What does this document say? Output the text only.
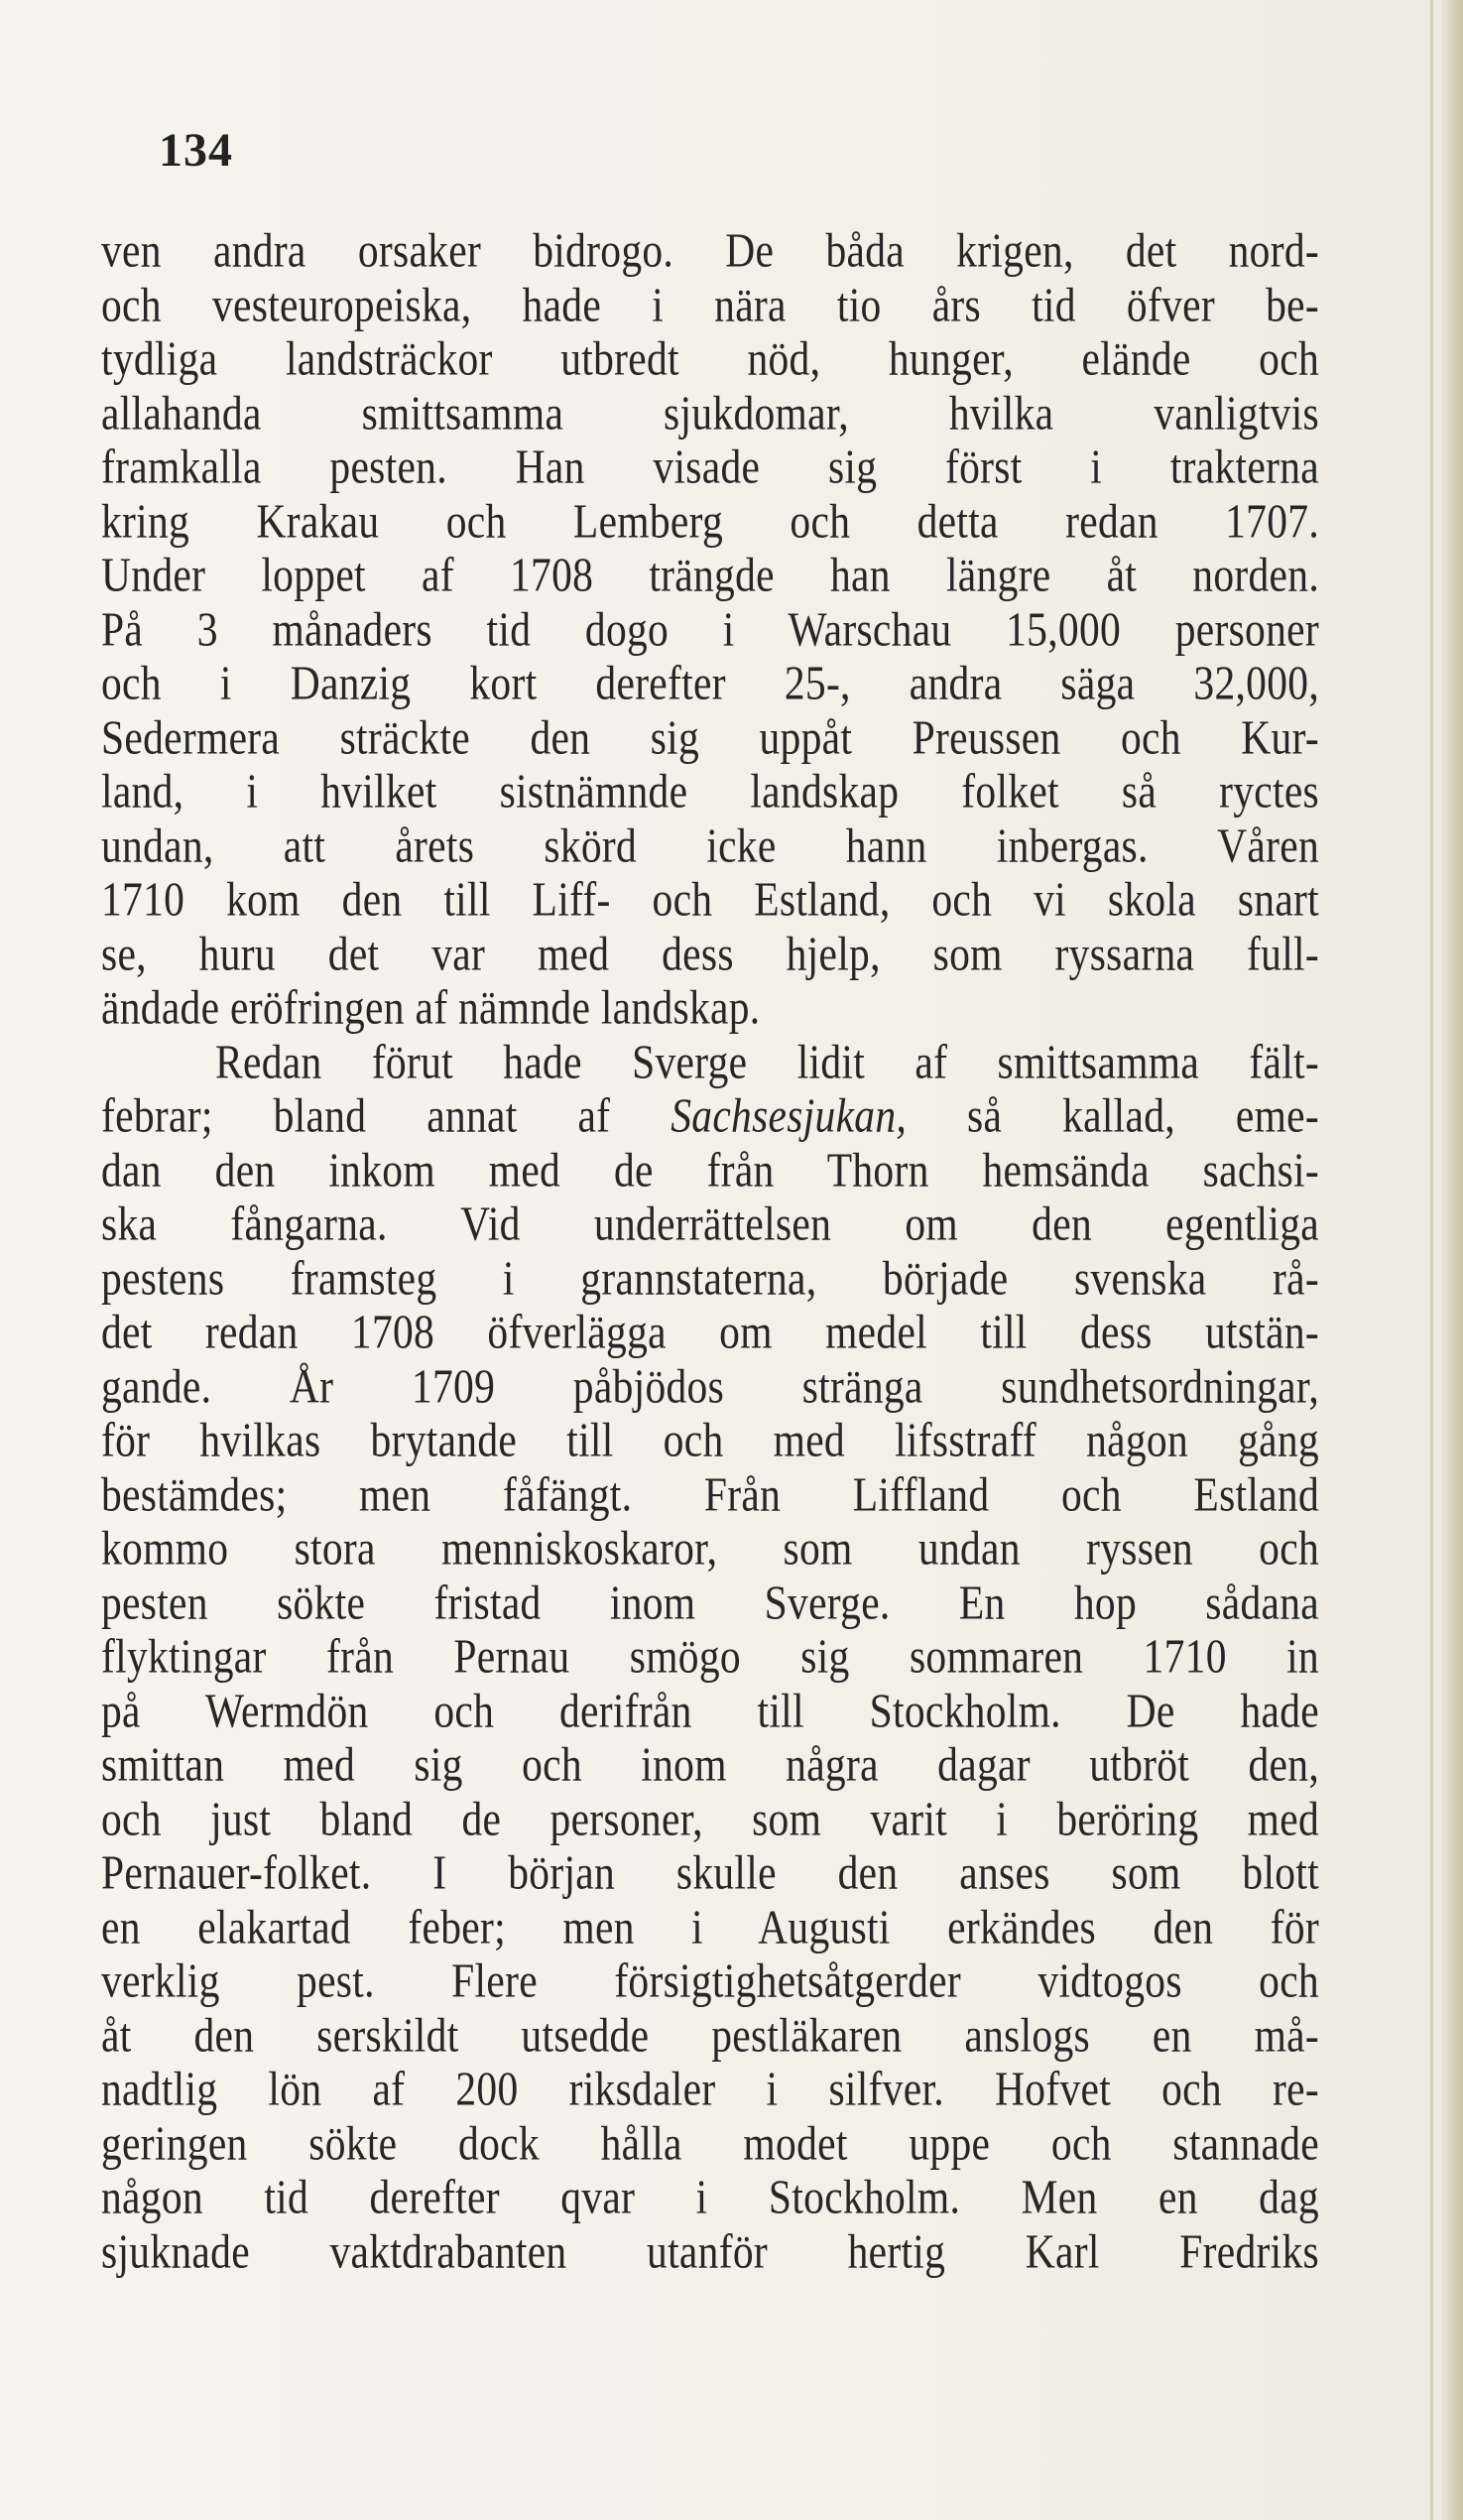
134
ven andra orsaker bidrogo. De båda krigen, det nord-
och vesteuropeiska, hade i nära tio års tid öfver be-
tydliga landsträckor utbredt nöd, hunger, elände och
allahanda smittsamma sjukdomar, hvilka vanligtvis
framkalla pesten. Han visade sig först i trakterna
kring Krakau och Lemberg och detta redan 1707.
Under loppet af 1708 trängde han längre åt norden.
På 3 månaders tid dogo i Warschau 15,000 personer
och i Danzig kort derefter 25-, andra säga 32,000,
Sedermera sträckte den sig uppåt Preussen och Kur-
land, i hvilket sistnämnde landskap folket så ryctes
undan, att årets skörd icke hann inbergas. Våren
1710 kom den till Liff- och Estland, och vi skola snart
se, huru det var med dess hjelp, som ryssarna full-
ändade eröfringen af nämnde landskap.
Redan förut hade Sverge lidit af smittsamma fält-
febrar; bland annat af Sachsesjukan, så kallad, eme-
dan den inkom med de från Thorn hemsända sachsi-
ska fångarna. Vid underrättelsen om den egentliga
pestens framsteg i grannstaterna, började svenska rå-
det redan 1708 öfverlägga om medel till dess utstän-
gande. År 1709 påbjödos stränga sundhetsordningar,
för hvilkas brytande till och med lifsstraff någon gång
bestämdes; men fåfängt. Från Liffland och Estland
kommo stora menniskoskaror, som undan ryssen och
pesten sökte fristad inom Sverge. En hop sådana
flyktingar från Pernau smögo sig sommaren 1710 in
på Wermdön och derifrån till Stockholm. De hade
smittan med sig och inom några dagar utbröt den,
och just bland de personer, som varit i beröring med
Pernauer-folket. I början skulle den anses som blott
en elakartad feber; men i Augusti erkändes den för
verklig pest. Flere försigtighetsåtgerder vidtogos och
åt den serskildt utsedde pestläkaren anslogs en må-
nadtlig lön af 200 riksdaler i silfver. Hofvet och re-
geringen sökte dock hålla modet uppe och stannade
någon tid derefter qvar i Stockholm. Men en dag
sjuknade vaktdrabanten utanför hertig Karl Fredriks
